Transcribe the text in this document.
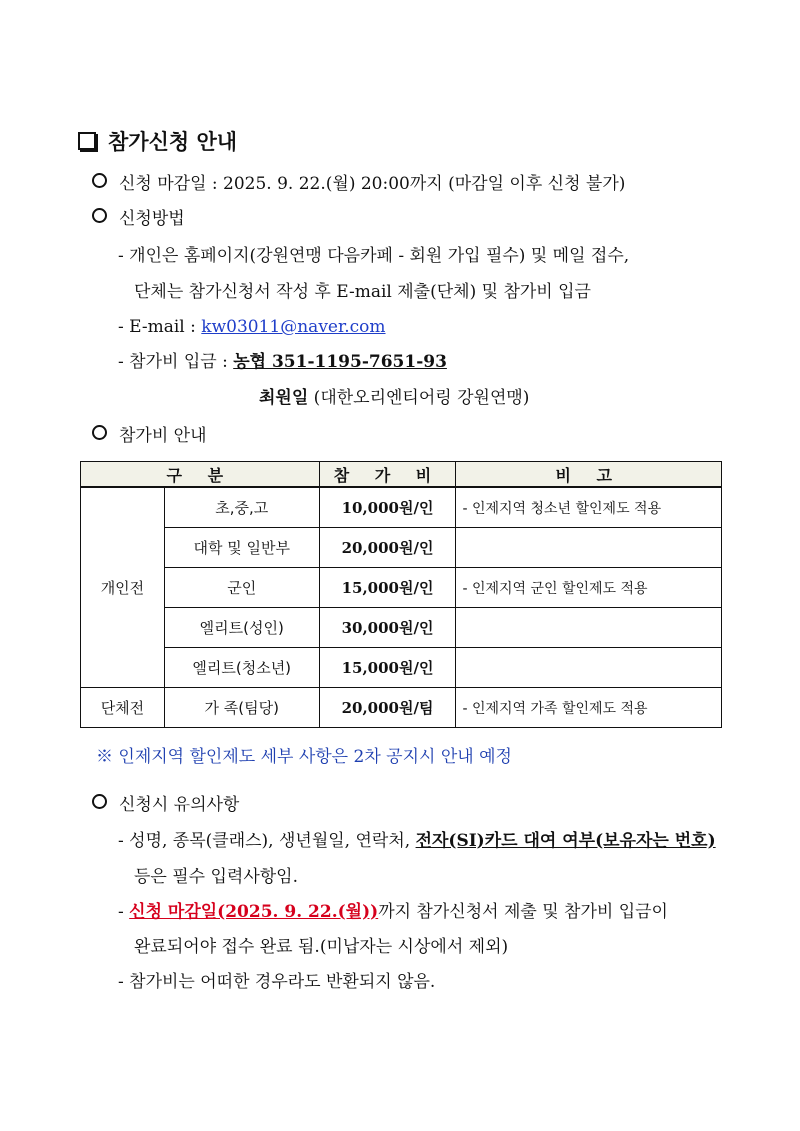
참가신청 안내
신청 마감일 : 2025. 9. 22.(월) 20:00까지 (마감일 이후 신청 불가)
신청방법
- 개인은 홈페이지(강원연맹 다음카페 - 회원 가입 필수) 및 메일 접수,
단체는 참가신청서 작성 후 E-mail 제출(단체) 및 참가비 입금
- E-mail : kw03011@naver.com
- 참가비 입금 : 농협 351-1195-7651-93
최원일 (대한오리엔티어링 강원연맹)
참가비 안내
구 분		참 가 비	비 고
개인전	초,중,고	10,000원/인	- 인제지역 청소년 할인제도 적용
	대학 및 일반부	20,000원/인	
	군인	15,000원/인	- 인제지역 군인 할인제도 적용
	엘리트(성인)	30,000원/인	
	엘리트(청소년)	15,000원/인	
단체전	가 족(팀당)	20,000원/팀	- 인제지역 가족 할인제도 적용
※ 인제지역 할인제도 세부 사항은 2차 공지시 안내 예정
신청시 유의사항
- 성명, 종목(클래스), 생년월일, 연락처, 전자(SI)카드 대여 여부(보유자는 번호)
등은 필수 입력사항임.
- 신청 마감일(2025. 9. 22.(월))까지 참가신청서 제출 및 참가비 입금이
완료되어야 접수 완료 됨.(미납자는 시상에서 제외)
- 참가비는 어떠한 경우라도 반환되지 않음.
